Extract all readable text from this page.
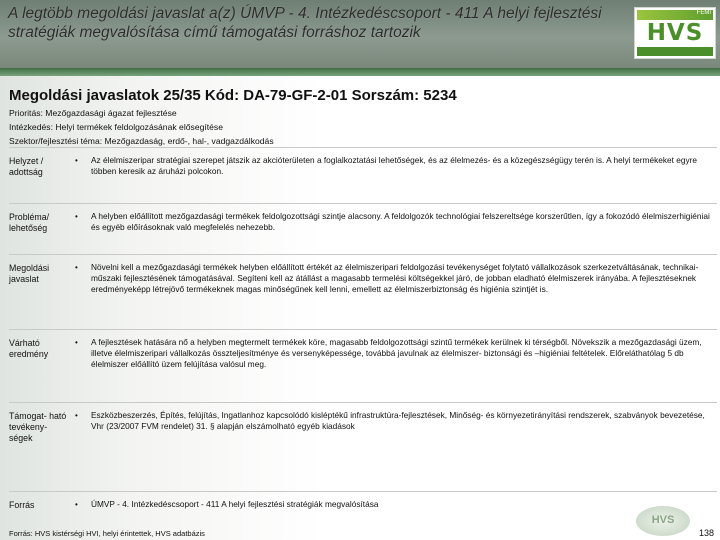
A legtöbb megoldási javaslat a(z) ÚMVP - 4. Intézkedéscsoport - 411 A helyi fejlesztési stratégiák megvalósítása című támogatási forráshoz tartozik
FEMI
HVS
Megoldási javaslatok 25/35 Kód: DA-79-GF-2-01 Sorszám: 5234
Prioritás: Mezőgazdasági ágazat fejlesztése
Intézkedés: Helyi termékek feldolgozásának elősegítése
Szektor/fejlesztési téma: Mezőgazdaság, erdő-, hal-, vadgazdálkodás
Helyzet / adottság
•	Az élelmiszeripar stratégiai szerepet játszik az akcióterületen a foglalkoztatási lehetőségek, és az élelmezés- és a közegészségügy terén is. A helyi termékeket egyre többen keresik az áruházi polcokon.
Probléma/ lehetőség
•	A helyben előállított mezőgazdasági termékek feldolgozottsági szintje alacsony. A feldolgozók technológiai felszereltsége korszerűtlen, így a fokozódó élelmiszerhigiéniai és egyéb előírásoknak való megfelelés nehezebb.
Megoldási javaslat
•	Növelni kell a mezőgazdasági termékek helyben előállított értékét az élelmiszeripari feldolgozási tevékenységet folytató vállalkozások szerkezetváltásának, technikai-műszaki fejlesztésének támogatásával. Segíteni kell az átállást a magasabb termelési költségekkel járó, de jobban eladható élelmiszerek irányába. A fejlesztéseknek eredményeképp létrejövő termékeknek magas minőségűnek kell lenni, emellett az élelmiszerbiztonság és higiénia szintjét is.
Várható eredmény
•	A fejlesztések hatására nő a helyben megtermelt termékek köre, magasabb feldolgozottsági szintű termékek kerülnek ki térségből. Növekszik a mezőgazdasági üzem, illetve élelmiszeripari vállalkozás összteljesítménye és versenyképessége, továbbá javulnak az élelmiszer- biztonsági és –higiéniai feltételek. Előreláthatólag 5 db élelmiszer előállító üzem felújítása valósul meg.
Támogat- ható tevékeny- ségek
•	Eszközbeszerzés, Építés, felújítás, Ingatlanhoz kapcsolódó kisléptékű infrastruktúra-fejlesztések, Minőség- és környezetirányítási rendszerek, szabványok bevezetése, Vhr (23/2007 FVM rendelet) 31. § alapján elszámolható egyéb kiadások
Forrás	•	ÚMVP - 4. Intézkedéscsoport - 411 A helyi fejlesztési stratégiák megvalósítása
HVS
Forrás: HVS kistérségi HVI, helyi érintettek, HVS adatbázis	138
